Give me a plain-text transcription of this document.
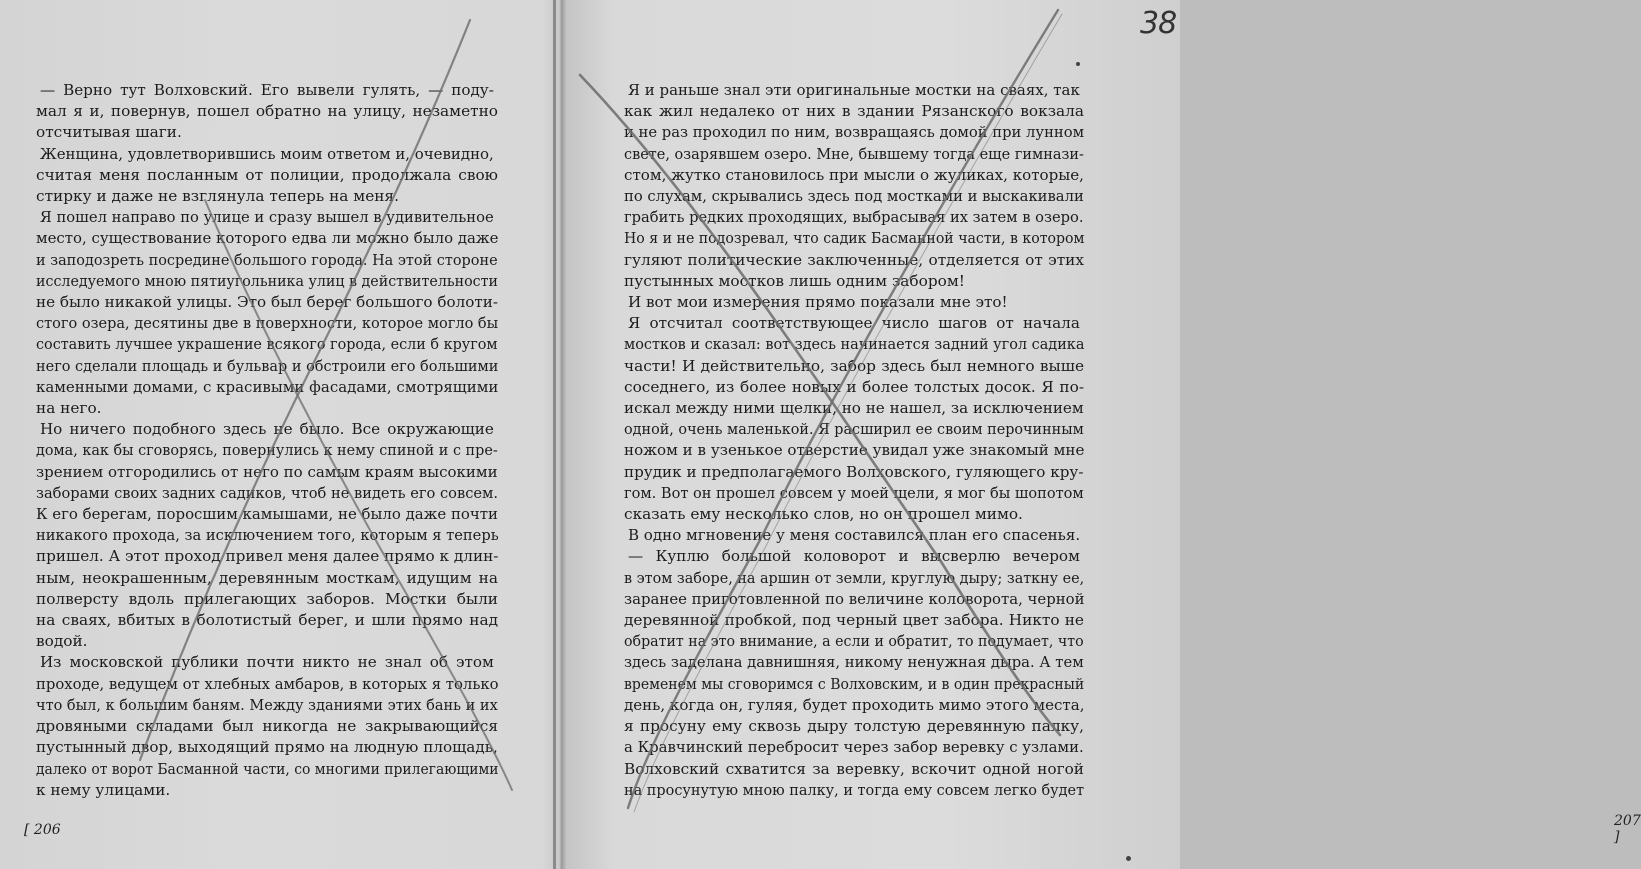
— Верно тут Волховский. Его вывели гулять, — поду-

мал я и, повернув, пошел обратно на улицу, незаметно

отсчитывая шаги.

Женщина, удовлетворившись моим ответом и, очевидно,

считая меня посланным от полиции, продолжала свою

стирку и даже не взглянула теперь на меня.

Я пошел направо по улице и сразу вышел в удивительное

место, существование которого едва ли можно было даже

и заподозреть посредине большого города. На этой стороне

исследуемого мною пятиугольника улиц в действительности

не было никакой улицы. Это был берег большого болоти-

стого озера, десятины две в поверхности, которое могло бы

составить лучшее украшение всякого города, если б кругом

него сделали площадь и бульвар и обстроили его большими

каменными домами, с красивыми фасадами, смотрящими

на него.

Но ничего подобного здесь не было. Все окружающие

дома, как бы сговорясь, повернулись к нему спиной и с пре-

зрением отгородились от него по самым краям высокими

заборами своих задних садиков, чтоб не видеть его совсем.

К его берегам, поросшим камышами, не было даже почти

никакого прохода, за исключением того, которым я теперь

пришел. А этот проход привел меня далее прямо к длин-

ным, неокрашенным, деревянным мосткам, идущим на

полверсту вдоль прилегающих заборов. Мостки были

на сваях, вбитых в болотистый берег, и шли прямо над

водой.

Из московской публики почти никто не знал об этом

проходе, ведущем от хлебных амбаров, в которых я только

что был, к большим баням. Между зданиями этих бань и их

дровяными складами был никогда не закрывающийся

пустынный двор, выходящий прямо на людную площадь,

далеко от ворот Басманной части, со многими прилегающими

к нему улицами.

[ 206

Я и раньше знал эти оригинальные мостки на сваях, так

как жил недалеко от них в здании Рязанского вокзала

и не раз проходил по ним, возвращаясь домой при лунном

свете, озарявшем озеро. Мне, бывшему тогда еще гимнази-

стом, жутко становилось при мысли о жуликах, которые,

по слухам, скрывались здесь под мостками и выскакивали

грабить редких проходящих, выбрасывая их затем в озеро.

Но я и не подозревал, что садик Басманной части, в котором

гуляют политические заключенные, отделяется от этих

пустынных мостков лишь одним забором!

И вот мои измерения прямо показали мне это!

Я отсчитал соответствующее число шагов от начала

мостков и сказал: вот здесь начинается задний угол садика

части! И действительно, забор здесь был немного выше

соседнего, из более новых и более толстых досок. Я по-

искал между ними щелки, но не нашел, за исключением

одной, очень маленькой. Я расширил ее своим перочинным

ножом и в узенькое отверстие увидал уже знакомый мне

прудик и предполагаемого Волховского, гуляющего кру-

гом. Вот он прошел совсем у моей щели, я мог бы шопотом

сказать ему несколько слов, но он прошел мимо.

В одно мгновение у меня составился план его спасенья.

— Куплю большой коловорот и высверлю вечером

в этом заборе, на аршин от земли, круглую дыру; заткну ее,

заранее приготовленной по величине коловорота, черной

деревянной пробкой, под черный цвет забора. Никто не

обратит на это внимание, а если и обратит, то подумает, что

здесь заделана давнишняя, никому ненужная дыра. А тем

временем мы сговоримся с Волховским, и в один прекрасный

день, когда он, гуляя, будет проходить мимо этого места,

я просуну ему сквозь дыру толстую деревянную палку,

а Кравчинский перебросит через забор веревку с узлами.

Волховский схватится за веревку, вскочит одной ногой

на просунутую мною палку, и тогда ему совсем легко будет

207 ]
38
